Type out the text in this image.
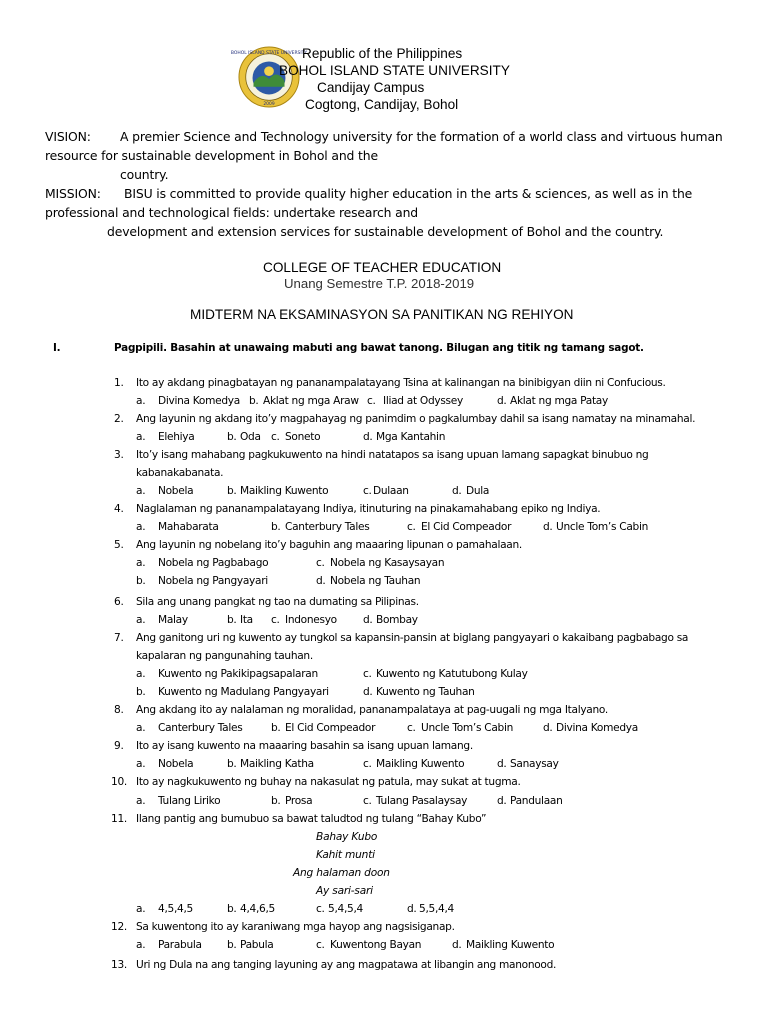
BOHOL ISLAND STATE UNIVERSITY
2009
Republic of the Philippines
BOHOL ISLAND STATE UNIVERSITY
Candijay Campus
Cogtong, Candijay, Bohol
VISION: A premier Science and Technology university for the formation of a world class and virtuous human
resource for sustainable development in Bohol and the
country.
MISSION: BISU is committed to provide quality higher education in the arts & sciences, as well as in the
professional and technological fields: undertake research and
development and extension services for sustainable development of Bohol and the country.
COLLEGE OF TEACHER EDUCATION
Unang Semestre T.P. 2018-2019
MIDTERM NA EKSAMINASYON SA PANITIKAN NG REHIYON
I.	Pagpipili. Basahin at unawaing mabuti ang bawat tanong. Bilugan ang titik ng tamang sagot.
1. Ito ay akdang pinagbatayan ng pananampalatayang Tsina at kalinangan na binibigyan diin ni Confucious.
a. Divina Komedya b. Aklat ng mga Araw c. Iliad at Odyssey	d. Aklat ng mga Patay
2. Ang layunin ng akdang ito’y magpahayag ng panimdim o pagkalumbay dahil sa isang namatay na minamahal.
a. Elehiya	b. Oda c. Soneto	d. Mga Kantahin
3. Ito’y isang mahabang pagkukuwento na hindi natatapos sa isang upuan lamang sapagkat binubuo ng
kabanakabanata.
a. Nobela	b. Maikling Kuwento	c. Dulaan	d. Dula
4. Naglalaman ng pananampalatayang Indiya, itinuturing na pinakamahabang epiko ng Indiya.
a. Mahabarata	b. Canterbury Tales	c. El Cid Compeador	d. Uncle Tom’s Cabin
5. Ang layunin ng nobelang ito’y baguhin ang maaaring lipunan o pamahalaan.
a. Nobela ng Pagbabago	c. Nobela ng Kasaysayan
b. Nobela ng Pangyayari	d. Nobela ng Tauhan
6. Sila ang unang pangkat ng tao na dumating sa Pilipinas.
a. Malay	b. Ita c. Indonesyo d. Bombay
7. Ang ganitong uri ng kuwento ay tungkol sa kapansin-pansin at biglang pangyayari o kakaibang pagbabago sa
kapalaran ng pangunahing tauhan.
a. Kuwento ng Pakikipagsapalaran	c. Kuwento ng Katutubong Kulay
b. Kuwento ng Madulang Pangyayari	d. Kuwento ng Tauhan
8. Ang akdang ito ay nalalaman ng moralidad, pananampalataya at pag-uugali ng mga Italyano.
a. Canterbury Tales	b. El Cid Compeador	c. Uncle Tom’s Cabin	d. Divina Komedya
9. Ito ay isang kuwento na maaaring basahin sa isang upuan lamang.
a. Nobela	b. Maikling Katha	c. Maikling Kuwento	d. Sanaysay
10. Ito ay nagkukuwento ng buhay na nakasulat ng patula, may sukat at tugma.
a. Tulang Liriko	b. Prosa	c. Tulang Pasalaysay	d. Pandulaan
11. Ilang pantig ang bumubuo sa bawat taludtod ng tulang “Bahay Kubo”
Bahay Kubo
Kahit munti
Ang halaman doon
Ay sari-sari
a. 4,5,4,5	b. 4,4,6,5	c. 5,4,5,4	d. 5,5,4,4
12. Sa kuwentong ito ay karaniwang mga hayop ang nagsisiganap.
a. Parabula b. Pabula	c. Kuwentong Bayan	d. Maikling Kuwento
13. Uri ng Dula na ang tanging layuning ay ang magpatawa at libangin ang manonood.
